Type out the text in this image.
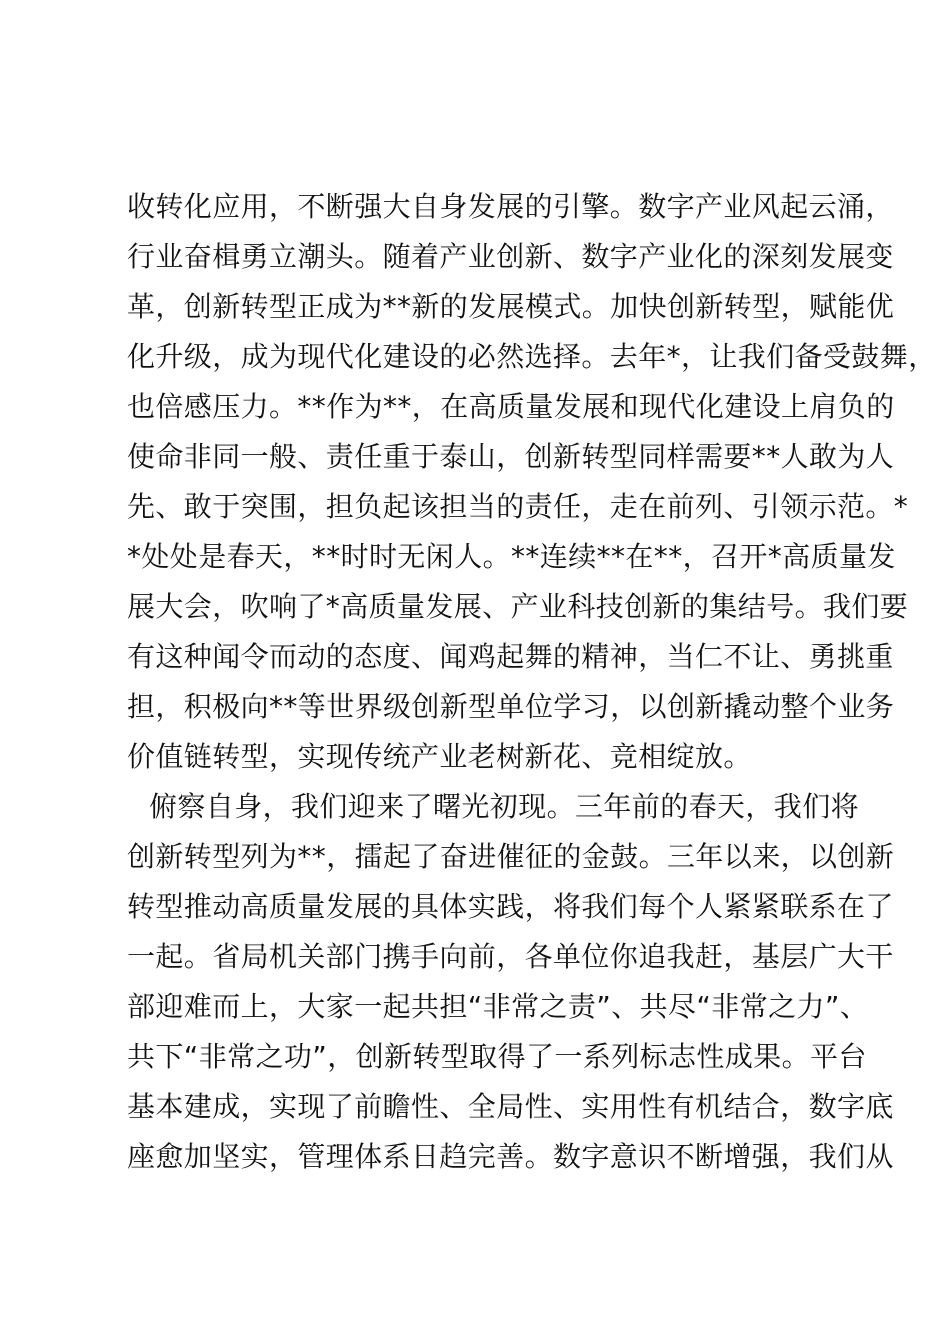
收转化应用，不断强大自身发展的引擎。数字产业风起云涌，
行业奋楫勇立潮头。随着产业创新、数字产业化的深刻发展变
革，创新转型正成为**新的发展模式。加快创新转型，赋能优
化升级，成为现代化建设的必然选择。去年*，让我们备受鼓舞，
也倍感压力。**作为**，在高质量发展和现代化建设上肩负的
使命非同一般、责任重于泰山，创新转型同样需要**人敢为人
先、敢于突围，担负起该担当的责任，走在前列、引领示范。*
*处处是春天，**时时无闲人。**连续**在**，召开*高质量发
展大会，吹响了*高质量发展、产业科技创新的集结号。我们要
有这种闻令而动的态度、闻鸡起舞的精神，当仁不让、勇挑重
担，积极向**等世界级创新型单位学习，以创新撬动整个业务
价值链转型，实现传统产业老树新花、竞相绽放。
俯察自身，我们迎来了曙光初现。三年前的春天，我们将
创新转型列为**，擂起了奋进催征的金鼓。三年以来，以创新
转型推动高质量发展的具体实践，将我们每个人紧紧联系在了
一起。省局机关部门携手向前，各单位你追我赶，基层广大干
部迎难而上，大家一起共担“非常之责”、共尽“非常之力”、
共下“非常之功”，创新转型取得了一系列标志性成果。平台
基本建成，实现了前瞻性、全局性、实用性有机结合，数字底
座愈加坚实，管理体系日趋完善。数字意识不断增强，我们从
